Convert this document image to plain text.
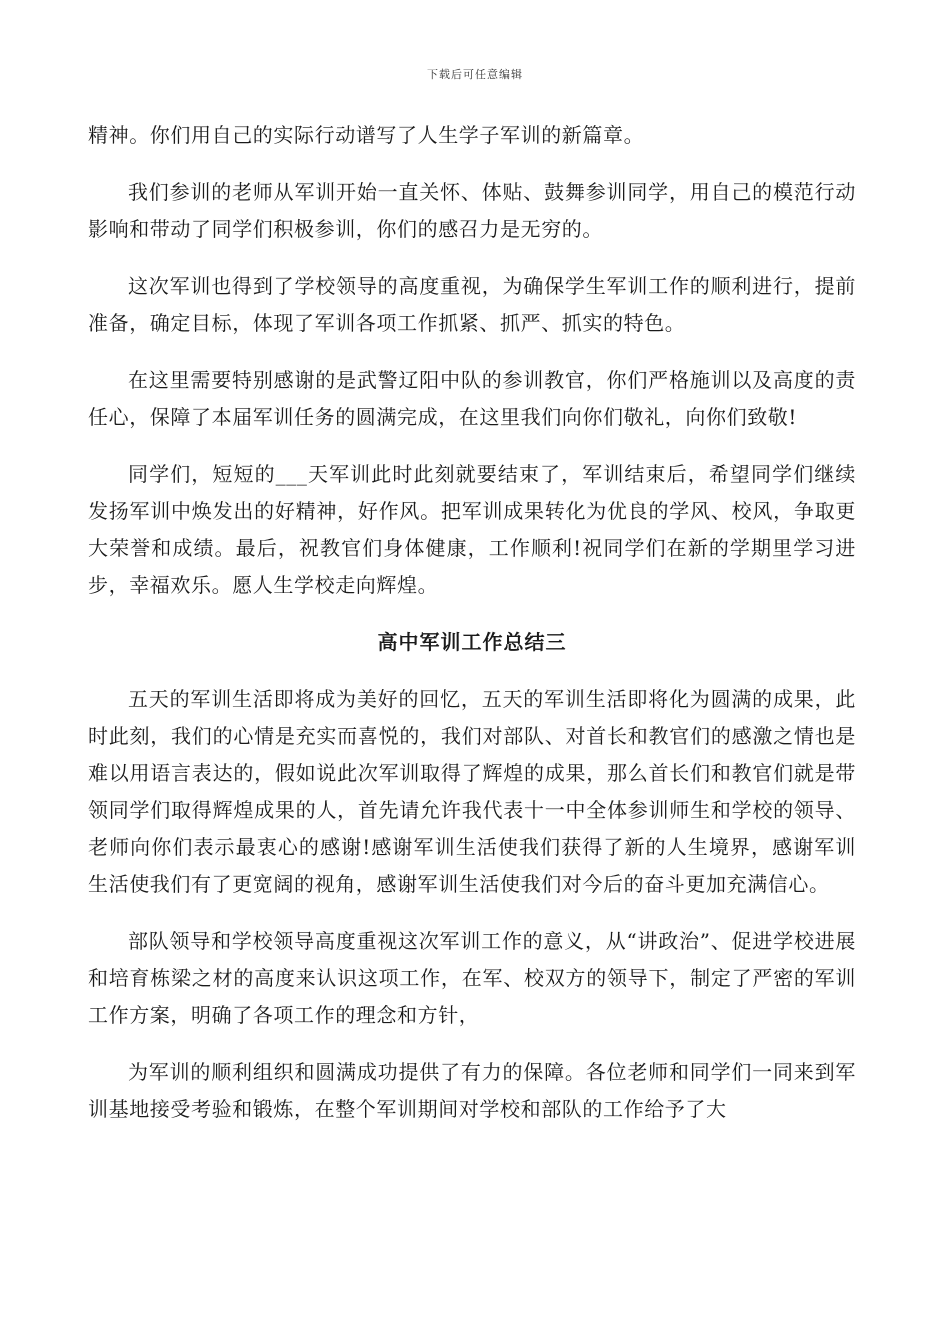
下载后可任意编辑

精神。你们用自己的实际行动谱写了人生学子军训的新篇章。

我们参训的老师从军训开始一直关怀、体贴、鼓舞参训同学，用自己的模范行动影响和带动了同学们积极参训，你们的感召力是无穷的。

这次军训也得到了学校领导的高度重视，为确保学生军训工作的顺利进行，提前准备，确定目标，体现了军训各项工作抓紧、抓严、抓实的特色。

在这里需要特别感谢的是武警辽阳中队的参训教官，你们严格施训以及高度的责任心，保障了本届军训任务的圆满完成，在这里我们向你们敬礼，向你们致敬!

同学们，短短的___天军训此时此刻就要结束了，军训结束后，希望同学们继续发扬军训中焕发出的好精神，好作风。把军训成果转化为优良的学风、校风，争取更大荣誉和成绩。最后，祝教官们身体健康，工作顺利!祝同学们在新的学期里学习进步，幸福欢乐。愿人生学校走向辉煌。

高中军训工作总结三

五天的军训生活即将成为美好的回忆，五天的军训生活即将化为圆满的成果，此时此刻，我们的心情是充实而喜悦的，我们对部队、对首长和教官们的感激之情也是难以用语言表达的，假如说此次军训取得了辉煌的成果，那么首长们和教官们就是带领同学们取得辉煌成果的人，首先请允许我代表十一中全体参训师生和学校的领导、老师向你们表示最衷心的感谢!感谢军训生活使我们获得了新的人生境界，感谢军训生活使我们有了更宽阔的视角，感谢军训生活使我们对今后的奋斗更加充满信心。

部队领导和学校领导高度重视这次军训工作的意义，从“讲政治”、促进学校进展和培育栋梁之材的高度来认识这项工作，在军、校双方的领导下，制定了严密的军训工作方案，明确了各项工作的理念和方针，

为军训的顺利组织和圆满成功提供了有力的保障。各位老师和同学们一同来到军训基地接受考验和锻炼，在整个军训期间对学校和部队的工作给予了大
